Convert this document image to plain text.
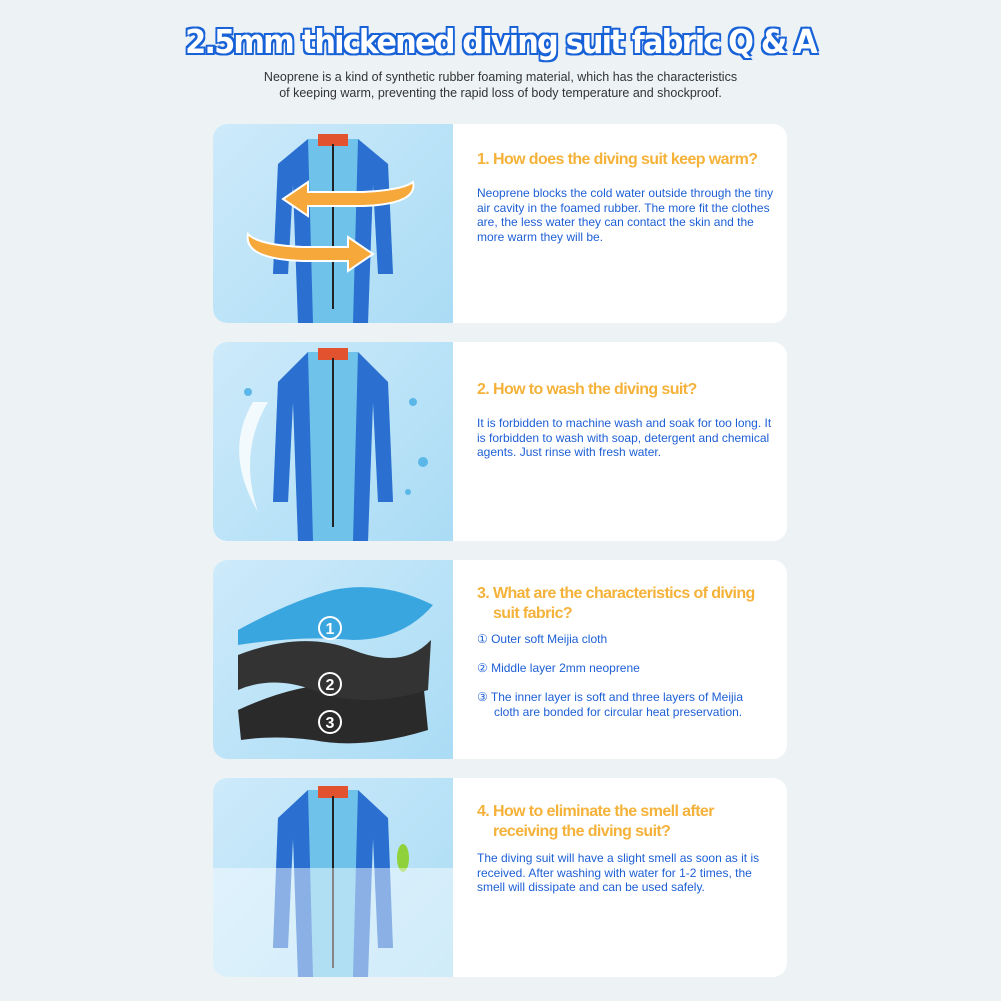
2.5mm thickened diving suit fabric Q & A
Neoprene is a kind of synthetic rubber foaming material, which has the characteristics
of keeping warm, preventing the rapid loss of body temperature and shockproof.
1. How does the diving suit keep warm?
Neoprene blocks the cold water outside through the tiny air cavity in the foamed rubber. The more fit the clothes are, the less water they can contact the skin and the more warm they will be.
2. How to wash the diving suit?
It is forbidden to machine wash and soak for too long. It is forbidden to wash with soap, detergent and chemical agents. Just rinse with fresh water.
1
2
3
3. What are the characteristics of diving
suit fabric?
① Outer soft Meijia cloth
② Middle layer 2mm neoprene
③ The inner layer is soft and three layers of Meijia
cloth are bonded for circular heat preservation.
4. How to eliminate the smell after
receiving the diving suit?
The diving suit will have a slight smell as soon as it is received. After washing with water for 1-2 times, the smell will dissipate and can be used safely.
